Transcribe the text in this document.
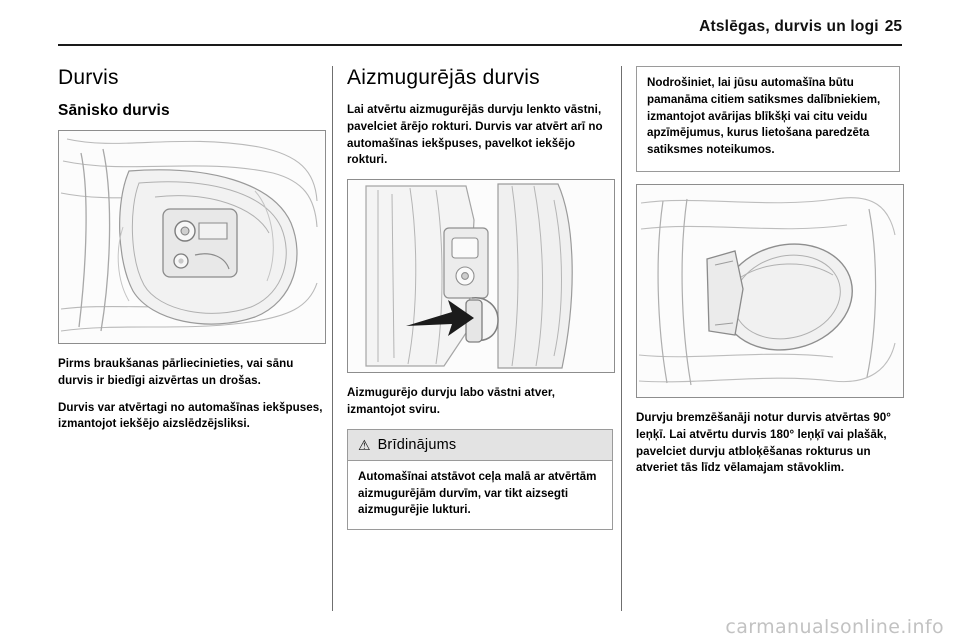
Atslēgas, durvis un logi 25
Durvis
Sānisko durvis

Pirms braukšanas pārliecinieties, vai sānu durvis ir biedīgi aizvērtas un drošas.

Durvis var atvērtagi no automašīnas iekšpuses, izmantojot iekšējo aizslēdzējsliksi.

Aizmugurējās durvis

Lai atvērtu aizmugurējās durvju lenkto vāstni, pavelciet ārējo rokturi. Durvis var atvērt arī no automašīnas iekšpuses, pavelkot iekšējo rokturi.

Aizmugurējo durvju labo vāstni atver, izmantojot sviru.

⚠ Brīdinājums

Automašīnai atstāvot ceļa malā ar atvērtām aizmugurējām durvīm, var tikt aizsegti aizmugurējie lukturi.

Nodrošiniet, lai jūsu automašīna būtu pamanāma citiem satiksmes dalībniekiem, izmantojot avārijas blīkšķi vai citu veidu apzīmējumus, kurus lietošana paredzēta satiksmes noteikumos.

Durvju bremzēšanāji notur durvis atvērtas 90° leņķī. Lai atvērtu durvis 180° leņķī vai plašāk, pavelciet durvju atbloķēšanas rokturus un atveriet tās līdz vēlamajam stāvoklim.

carmanualsonline.info
